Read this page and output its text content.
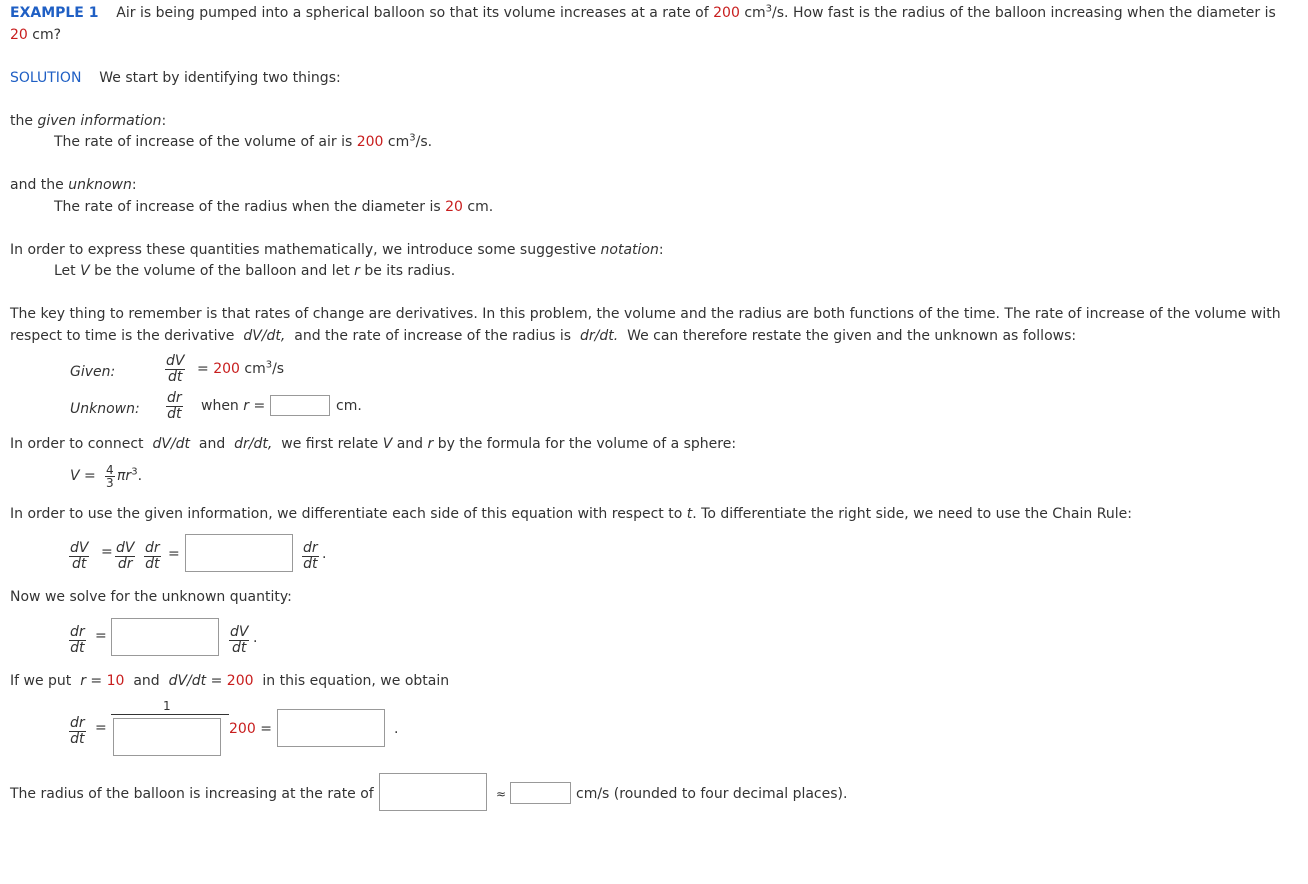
EXAMPLE 1 Air is being pumped into a spherical balloon so that its volume increases at a rate of 200 $cm^3/s$. How fast is the radius of the balloon increasing when the diameter is
20 cm?
SOLUTION We start by identifying two things:
the given information:
The rate of increase of the volume of air is 200 $cm^3/s$.
and the unknown:
The rate of increase of the radius when the diameter is 20 cm.
In order to express these quantities mathematically, we introduce some suggestive notation:
Let V be the volume of the balloon and let r be its radius.
The key thing to remember is that rates of change are derivatives. In this problem, the volume and the radius are both functions of the time. The rate of increase of the volume with
respect to time is the derivative dV/dt, and the rate of increase of the radius is dr/dt. We can therefore restate the given and the unknown as follows:
Given:	$\frac{dV}{dt} = 200$ $cm^3/s$
Unknown: $\frac{dr}{dt}$ when r =	cm.
In order to connect dV/dt and dr/dt, we first relate V and r by the formula for the volume of a sphere:
$V = \frac{4}{3} \pi r^3$.
In order to use the given information, we differentiate each side of this equation with respect to t. To differentiate the right side, we need to use the Chain Rule:
$\frac{dV}{dt} = \frac{dV}{dr} \frac{dr}{dt}$ =	$\frac{dr}{dt}$ .
Now we solve for the unknown quantity:
$\frac{dr}{dt}$ =	$\frac{dV}{dt}$ .
If we put r = 10 and dV/dt = 200 in this equation, we obtain
$\frac{dr}{dt}$ =
1
200 =	.
The radius of the balloon is increasing at the rate of	≈	cm/s (rounded to four decimal places).
